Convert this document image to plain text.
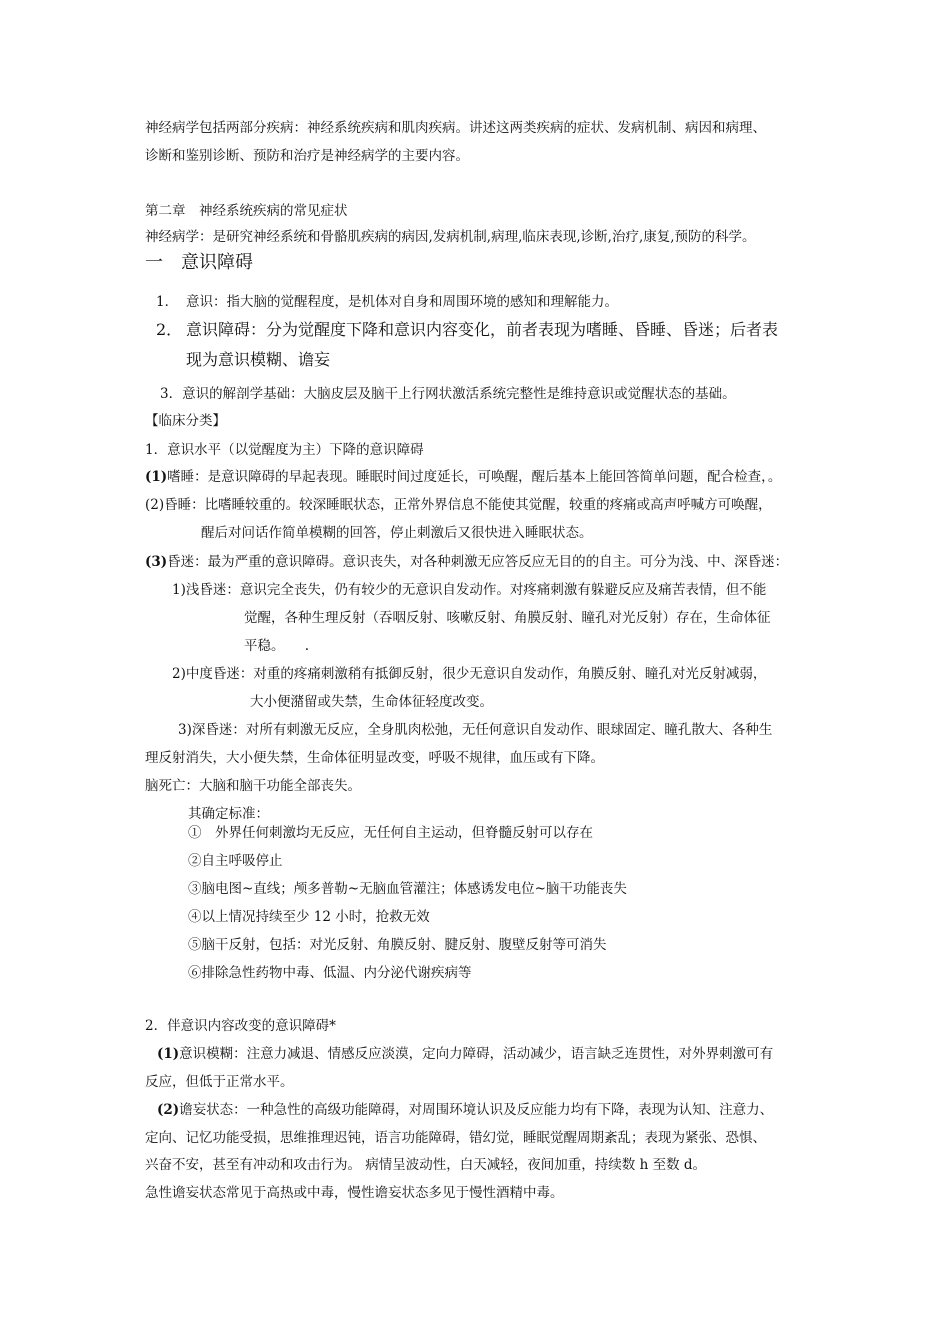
神经病学包括两部分疾病：神经系统疾病和肌肉疾病。讲述这两类疾病的症状、发病机制、病因和病理、
诊断和鉴别诊断、预防和治疗是神经病学的主要内容。
第二章　神经系统疾病的常见症状
神经病学：是研究神经系统和骨骼肌疾病的病因,发病机制,病理,临床表现,诊断,治疗,康复,预防的科学。
一　意识障碍
1． 意识：指大脑的觉醒程度，是机体对自身和周围环境的感知和理解能力。
2． 意识障碍：分为觉醒度下降和意识内容变化，前者表现为嗜睡、昏睡、昏迷；后者表
现为意识模糊、谵妄
3．意识的解剖学基础：大脑皮层及脑干上行网状激活系统完整性是维持意识或觉醒状态的基础。
【临床分类】
1．意识水平（以觉醒度为主）下降的意识障碍
(1)嗜睡：是意识障碍的早起表现。睡眠时间过度延长，可唤醒，醒后基本上能回答简单问题，配合检查，。
(2)昏睡：比嗜睡较重的。较深睡眠状态，正常外界信息不能使其觉醒，较重的疼痛或高声呼喊方可唤醒，
醒后对问话作简单模糊的回答，停止刺激后又很快进入睡眠状态。
(3)昏迷：最为严重的意识障碍。意识丧失，对各种刺激无应答反应无目的的自主。可分为浅、中、深昏迷：
1)浅昏迷：意识完全丧失，仍有较少的无意识自发动作。对疼痛刺激有躲避反应及痛苦表情，但不能
觉醒，各种生理反射（吞咽反射、咳嗽反射、角膜反射、瞳孔对光反射）存在，生命体征
平稳。　　.
2)中度昏迷：对重的疼痛刺激稍有抵御反射，很少无意识自发动作，角膜反射、瞳孔对光反射减弱，
大小便潴留或失禁，生命体征轻度改变。
3)深昏迷：对所有刺激无反应，全身肌肉松弛，无任何意识自发动作、眼球固定、瞳孔散大、各种生
理反射消失，大小便失禁，生命体征明显改变，呼吸不规律，血压或有下降。
脑死亡：大脑和脑干功能全部丧失。
其确定标准：
①　外界任何刺激均无反应，无任何自主运动，但脊髓反射可以存在
②自主呼吸停止
③脑电图~直线；颅多普勒~无脑血管灌注；体感诱发电位~脑干功能丧失
④以上情况持续至少 12 小时，抢救无效
⑤脑干反射，包括：对光反射、角膜反射、腱反射、腹壁反射等可消失
⑥排除急性药物中毒、低温、内分泌代谢疾病等
2．伴意识内容改变的意识障碍*
(1)意识模糊：注意力减退、情感反应淡漠，定向力障碍，活动减少，语言缺乏连贯性，对外界刺激可有
反应，但低于正常水平。
(2)谵妄状态：一种急性的高级功能障碍，对周围环境认识及反应能力均有下降，表现为认知、注意力、
定向、记忆功能受损，思维推理迟钝，语言功能障碍，错幻觉，睡眠觉醒周期紊乱；表现为紧张、恐惧、
兴奋不安，甚至有冲动和攻击行为。 病情呈波动性，白天减轻，夜间加重，持续数 h 至数 d。
急性谵妄状态常见于高热或中毒，慢性谵妄状态多见于慢性酒精中毒。
